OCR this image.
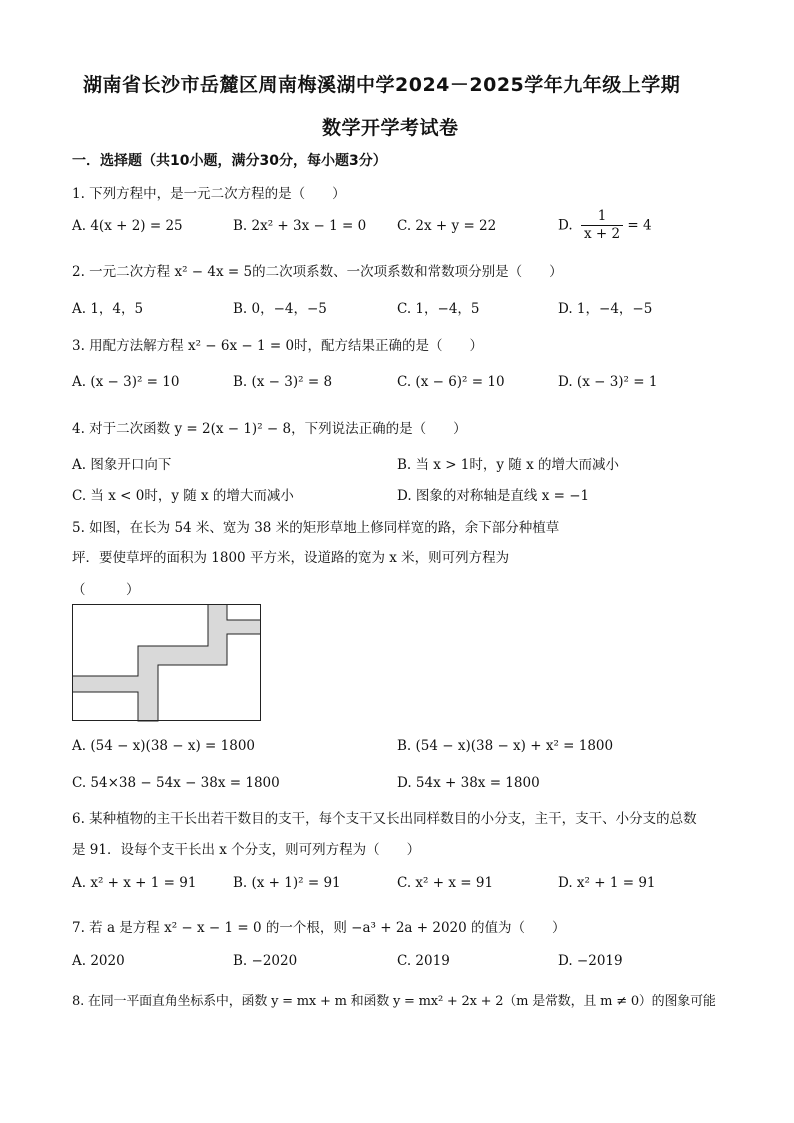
湖南省长沙市岳麓区周南梅溪湖中学2024－2025学年九年级上学期
数学开学考试卷
一．选择题（共10小题，满分30分，每小题3分）
1. 下列方程中，是一元二次方程的是（　　）
A. 4(x + 2) = 25	B. 2x² + 3x − 1 = 0 C. 2x + y = 22	D. $\frac{1}{x + 2} = 4$
2. 一元二次方程 x² − 4x = 5的二次项系数、一次项系数和常数项分别是（　　）
A. 1，4，5	B. 0，−4，−5	C. 1，−4，5	D. 1，−4，−5
3. 用配方法解方程 x² − 6x − 1 = 0时，配方结果正确的是（　　）
A. (x − 3)² = 10	B. (x − 3)² = 8	C. (x − 6)² = 10	D. (x − 3)² = 1
4. 对于二次函数 y = 2(x − 1)² − 8，下列说法正确的是（　　）
A. 图象开口向下	B. 当 x > 1时，y 随 x 的增大而减小
C. 当 x < 0时，y 随 x 的增大而减小	D. 图象的对称轴是直线 x = −1
5. 如图，在长为 54 米、宽为 38 米的矩形草地上修同样宽的路，余下部分种植草
坪．要使草坪的面积为 1800 平方米，设道路的宽为 x 米，则可列方程为
（　　　）
A. (54 − x)(38 − x) = 1800	B. (54 − x)(38 − x) + x² = 1800
C. 54×38 − 54x − 38x = 1800	D. 54x + 38x = 1800
6. 某种植物的主干长出若干数目的支干，每个支干又长出同样数目的小分支，主干，支干、小分支的总数
是 91．设每个支干长出 x 个分支，则可列方程为（　　）
A. x² + x + 1 = 91	B. (x + 1)² = 91	C. x² + x = 91	D. x² + 1 = 91
7. 若 a 是方程 x² − x − 1 = 0 的一个根，则 −a³ + 2a + 2020 的值为（　　）
A. 2020	B. −2020	C. 2019	D. −2019
8. 在同一平面直角坐标系中，函数 y = mx + m 和函数 y = mx² + 2x + 2（m 是常数，且 m ≠ 0）的图象可能
